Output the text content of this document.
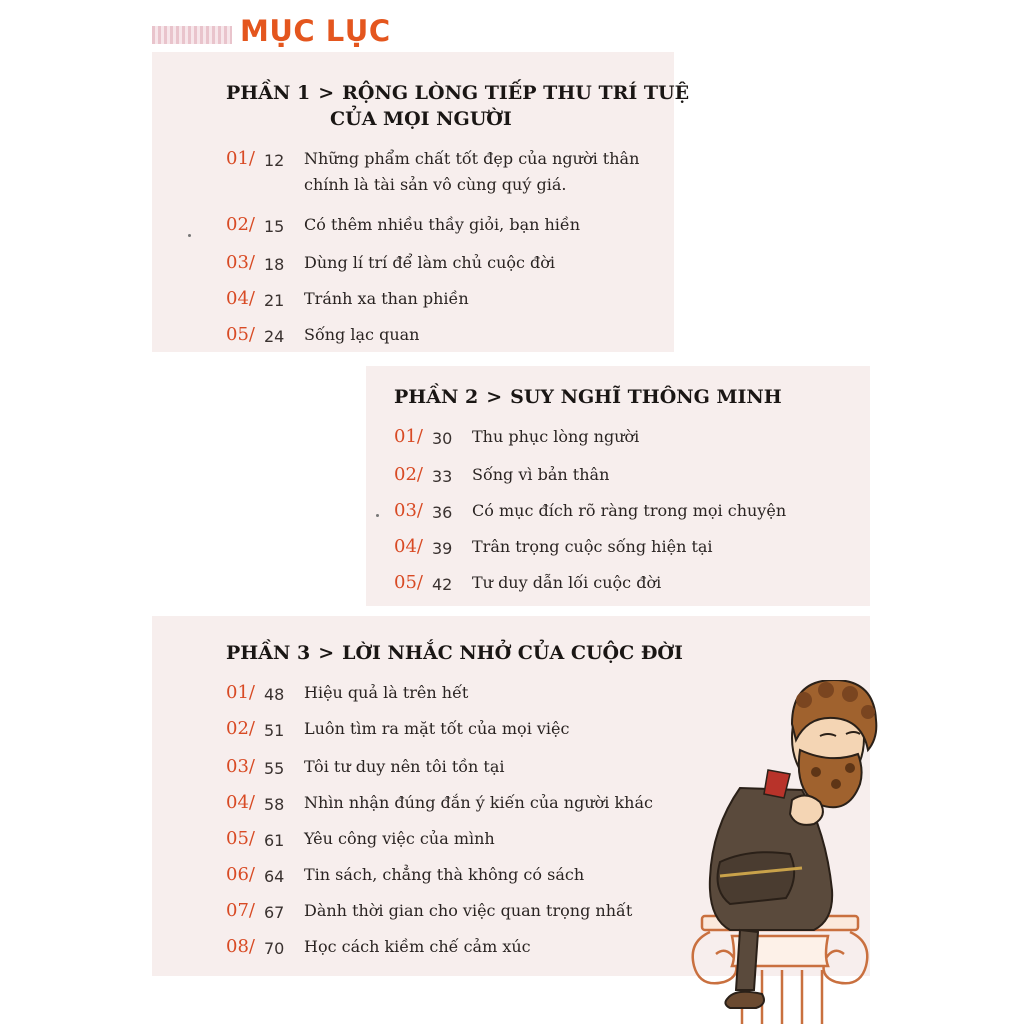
MỤC LỤC
PHẦN 1 > RỘNG LÒNG TIẾP THU TRÍ TUỆ
CỦA MỌI NGƯỜI
01/ 12	Những phẩm chất tốt đẹp của người thân
chính là tài sản vô cùng quý giá.
02/ 15	Có thêm nhiều thầy giỏi, bạn hiền
03/ 18	Dùng lí trí để làm chủ cuộc đời
04/ 21	Tránh xa than phiền
05/ 24	Sống lạc quan
PHẦN 2 > SUY NGHĨ THÔNG MINH
01/ 30	Thu phục lòng người
02/ 33	Sống vì bản thân
03/ 36	Có mục đích rõ ràng trong mọi chuyện
04/ 39	Trân trọng cuộc sống hiện tại
05/ 42	Tư duy dẫn lối cuộc đời
PHẦN 3 > LỜI NHẮC NHỞ CỦA CUỘC ĐỜI
01/ 48	Hiệu quả là trên hết
02/ 51	Luôn tìm ra mặt tốt của mọi việc
03/ 55	Tôi tư duy nên tôi tồn tại
04/ 58	Nhìn nhận đúng đắn ý kiến của người khác
05/ 61	Yêu công việc của mình
06/ 64	Tin sách, chẳng thà không có sách
07/ 67	Dành thời gian cho việc quan trọng nhất
08/ 70	Học cách kiềm chế cảm xúc
